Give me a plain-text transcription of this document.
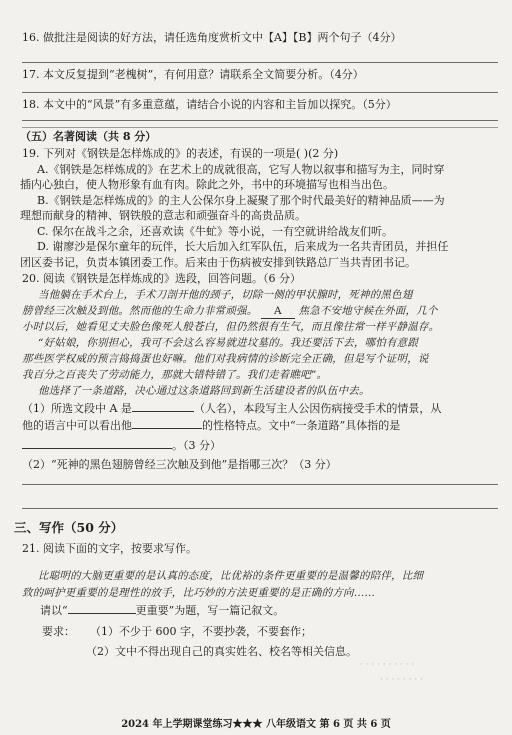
16. 做批注是阅读的好方法，请任选角度赏析文中【A】【B】两个句子（4分）
17. 本文反复提到“老槐树”，有何用意？请联系全文简要分析。（4分）
18. 本文中的“风景”有多重意蕴，请结合小说的内容和主旨加以探究。（5分）
（五）名著阅读（共 8 分）
19. 下列对《钢铁是怎样炼成的》的表述，有误的一项是( )(2 分)
A.《钢铁是怎样炼成的》在艺术上的成就很高，它写人物以叙事和描写为主，同时穿
插内心独白，使人物形象有血有肉。除此之外，书中的环境描写也相当出色。
B.《钢铁是怎样炼成的》的主人公保尔身上凝聚了那个时代最美好的精神品质——为
理想而献身的精神、钢铁般的意志和顽强奋斗的高贵品质。
C. 保尔在战斗之余，还喜欢读《牛虻》等小说，一有空就讲给战友们听。
D. 谢廖沙是保尔童年的玩伴，长大后加入红军队伍，后来成为一名共青团员，并担任
团区委书记，负责本镇团委工作。后来由于伤病被安排到铁路总厂当共青团书记。
20. 阅读《钢铁是怎样炼成的》选段，回答问题。（6 分）
当他躺在手术台上，手术刀剖开他的颈子，切除一侧的甲状腺时，死神的黑色翅
膀曾经三次触及到他。然而他的生命力非常顽强。 A 焦急不安地守候在外面，几个
小时以后，她看见丈夫脸色像死人般苍白，但仍然很有生气，而且像往常一样平静温存。
“好姑娘，你别担心，我可不会这么容易就进坟墓的。我还要活下去，哪怕有意跟
那些医学权威的预言捣捣蛋也好嘛。他们对我病情的诊断完全正确，但是写个证明，说
我百分之百丧失了劳动能力，那就大错特错了。我们走着瞧吧”。
他选择了一条道路，决心通过这条道路回到新生活建设者的队伍中去。
（1）所选文段中 A 是	（人名），本段写主人公因伤病接受手术的情景，从
他的语言中可以看出他	的性格特点。文中“一条道路”具体指的是
。（3 分）
（2）“死神的黑色翅膀曾经三次触及到他”是指哪三次？（3 分）
三、写作（50 分）
21. 阅读下面的文字，按要求写作。
比聪明的大脑更重要的是认真的态度，比优裕的条件更重要的是温馨的陪伴，比细
致的呵护更重要的是理性的放手，比巧妙的方法更重要的是正确的方向……
请以“	更重要”为题，写一篇记叙文。
要求： （1）不少于 600 字，不要抄袭，不要套作；
（2）文中不得出现自己的真实姓名、校名等相关信息。
· · · · · · · · · ·
· · · · · · · ·
2024 年上学期课堂练习★★★ 八年级语文 第 6 页 共 6 页
